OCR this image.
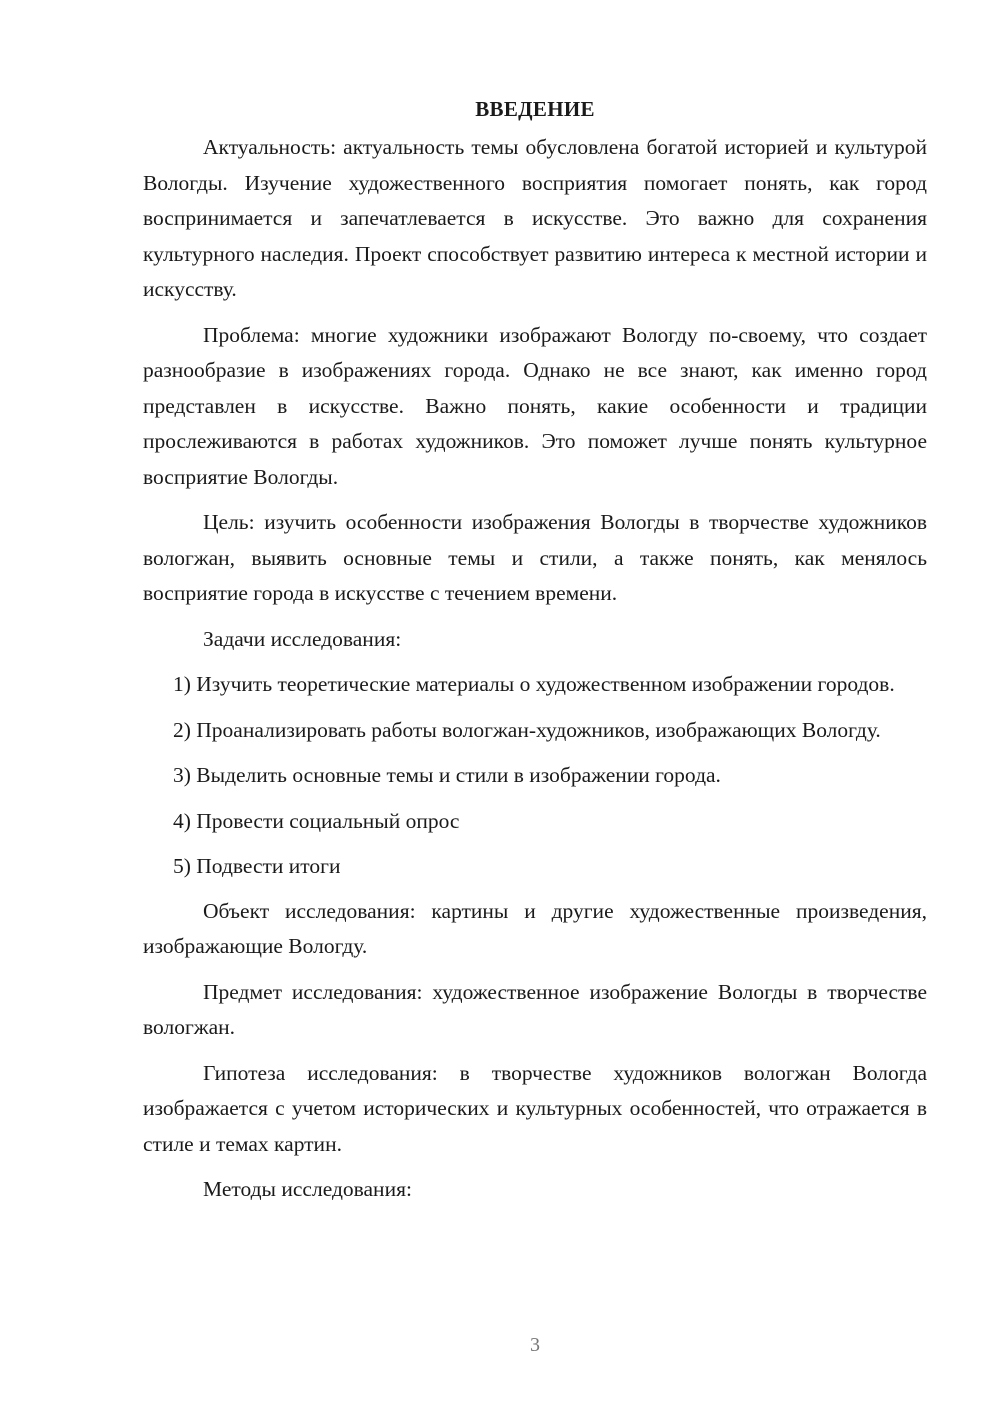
ВВЕДЕНИЕ

Актуальность: актуальность темы обусловлена богатой историей и культурой Вологды. Изучение художественного восприятия помогает понять, как город воспринимается и запечатлевается в искусстве. Это важно для сохранения культурного наследия. Проект способствует развитию интереса к местной истории и искусству.

Проблема: многие художники изображают Вологду по-своему, что создает разнообразие в изображениях города. Однако не все знают, как именно город представлен в искусстве. Важно понять, какие особенности и традиции прослеживаются в работах художников. Это поможет лучше понять культурное восприятие Вологды.

Цель: изучить особенности изображения Вологды в творчестве художников вологжан, выявить основные темы и стили, а также понять, как менялось восприятие города в искусстве с течением времени.

Задачи исследования:

1) Изучить теоретические материалы о художественном изображении городов.

2) Проанализировать работы вологжан-художников, изображающих Вологду.

3) Выделить основные темы и стили в изображении города.

4) Провести социальный опрос

5) Подвести итоги

Объект исследования: картины и другие художественные произведения, изображающие Вологду.

Предмет исследования: художественное изображение Вологды в творчестве вологжан.

Гипотеза исследования: в творчестве художников вологжан Вологда изображается с учетом исторических и культурных особенностей, что отражается в стиле и темах картин.

Методы исследования:

3
